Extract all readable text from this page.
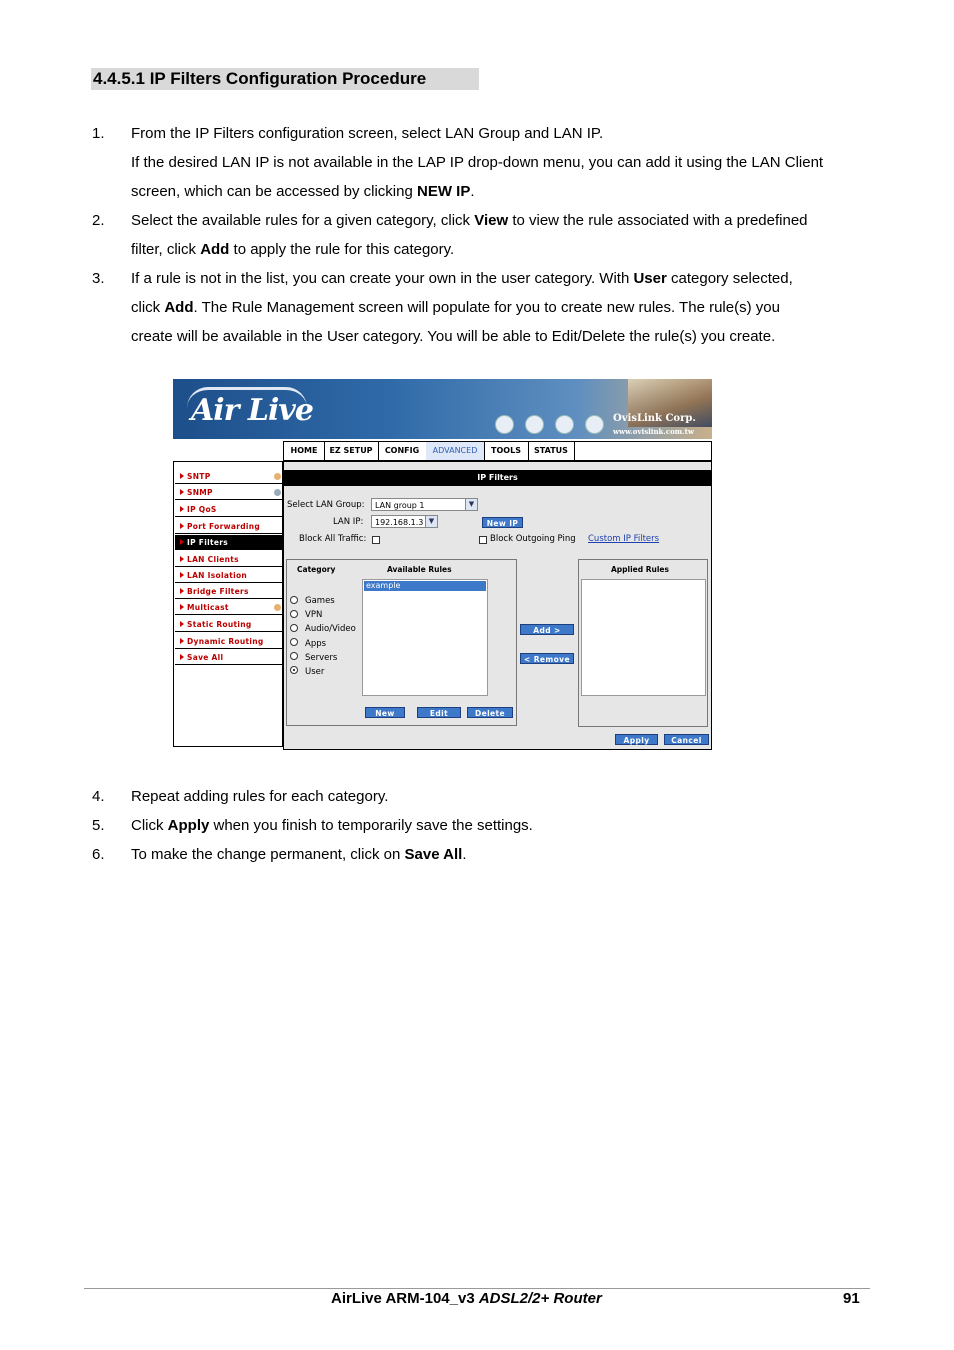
4.4.5.1 IP Filters Configuration Procedure
1. From the IP Filters configuration screen, select LAN Group and LAN IP.
If the desired LAN IP is not available in the LAP IP drop-down menu, you can add it using the LAN Client
screen, which can be accessed by clicking NEW IP.
2. Select the available rules for a given category, click View to view the rule associated with a predefined
filter, click Add to apply the rule for this category.
3. If a rule is not in the list, you can create your own in the user category. With User category selected,
click Add. The Rule Management screen will populate for you to create new rules. The rule(s) you
create will be available in the User category. You will be able to Edit/Delete the rule(s) you create.
Air Live	OvisLink Corp.
www.ovislink.com.tw
HOME	EZ SETUP	CONFIG	ADVANCED	TOOLS	STATUS
SNTP
SNMP
IP QoS
Port Forwarding
IP Filters
LAN Clients
LAN Isolation
Bridge Filters
Multicast
Static Routing
Dynamic Routing
Save All
IP Filters
Select LAN Group:	LAN group 1	▼
LAN IP:	192.168.1.3 ▼	New IP
Block All Traffic:	Block Outgoing Ping Custom IP Filters
Category	Available Rules
Games
VPN
Audio/Video
Apps
Servers
User
example
New	Edit	Delete
Add >
< Remove
Applied Rules
Apply	Cancel
4. Repeat adding rules for each category.
5. Click Apply when you finish to temporarily save the settings.
6. To make the change permanent, click on Save All.
AirLive ARM-104_v3 ADSL2/2+ Router	91
